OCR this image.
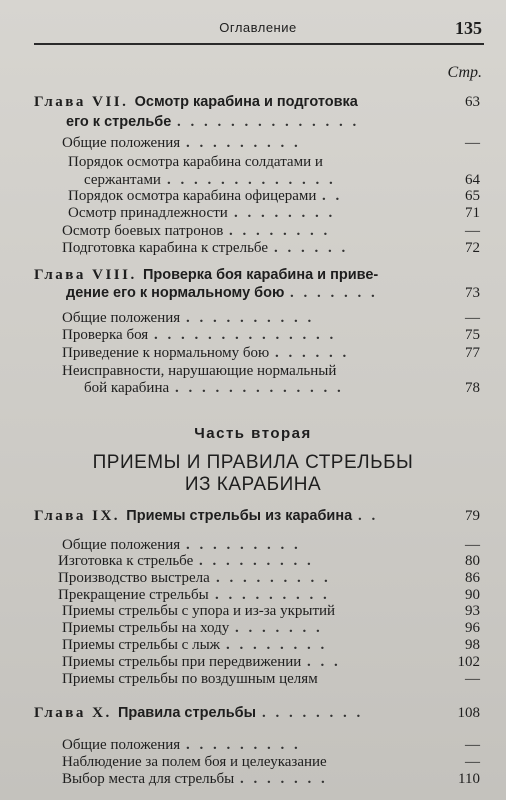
Оглавление	135
Стр.
Глава VII. Осмотр карабина и подготовка	63
его к стрельбе . . . . . . . . . . . . . .
Общие положения . . . . . . . . .	—
Порядок осмотра карабина солдатами и
сержантами . . . . . . . . . . . . .	64
Порядок осмотра карабина офицерами . .	65
Осмотр принадлежности . . . . . . . .	71
Осмотр боевых патронов . . . . . . . .	—
Подготовка карабина к стрельбе . . . . . .	72
Глава VIII. Проверка боя карабина и приве-
дение его к нормальному бою . . . . . . .	73
Общие положения . . . . . . . . . .	—
Проверка боя . . . . . . . . . . . . . .	75
Приведение к нормальному бою . . . . . .	77
Неисправности, нарушающие нормальный
бой карабина . . . . . . . . . . . . .	78
Глава IX. Приемы стрельбы из карабина . .	79
Общие положения . . . . . . . . .	—
Изготовка к стрельбе . . . . . . . . .	80
Производство выстрела . . . . . . . . .	86
Прекращение стрельбы . . . . . . . . .	90
Приемы стрельбы с упора и из-за укрытий	93
Приемы стрельбы на ходу . . . . . . .	96
Приемы стрельбы с лыж . . . . . . . .	98
Приемы стрельбы при передвижении . . .	102
Приемы стрельбы по воздушным целям	—
Глава X. Правила стрельбы . . . . . . . .	108
Общие положения . . . . . . . . .	—
Наблюдение за полем боя и целеуказание	—
Выбор места для стрельбы . . . . . . .	110
Часть вторая
ПРИЕМЫ И ПРАВИЛА СТРЕЛЬБЫ
ИЗ КАРАБИНА
